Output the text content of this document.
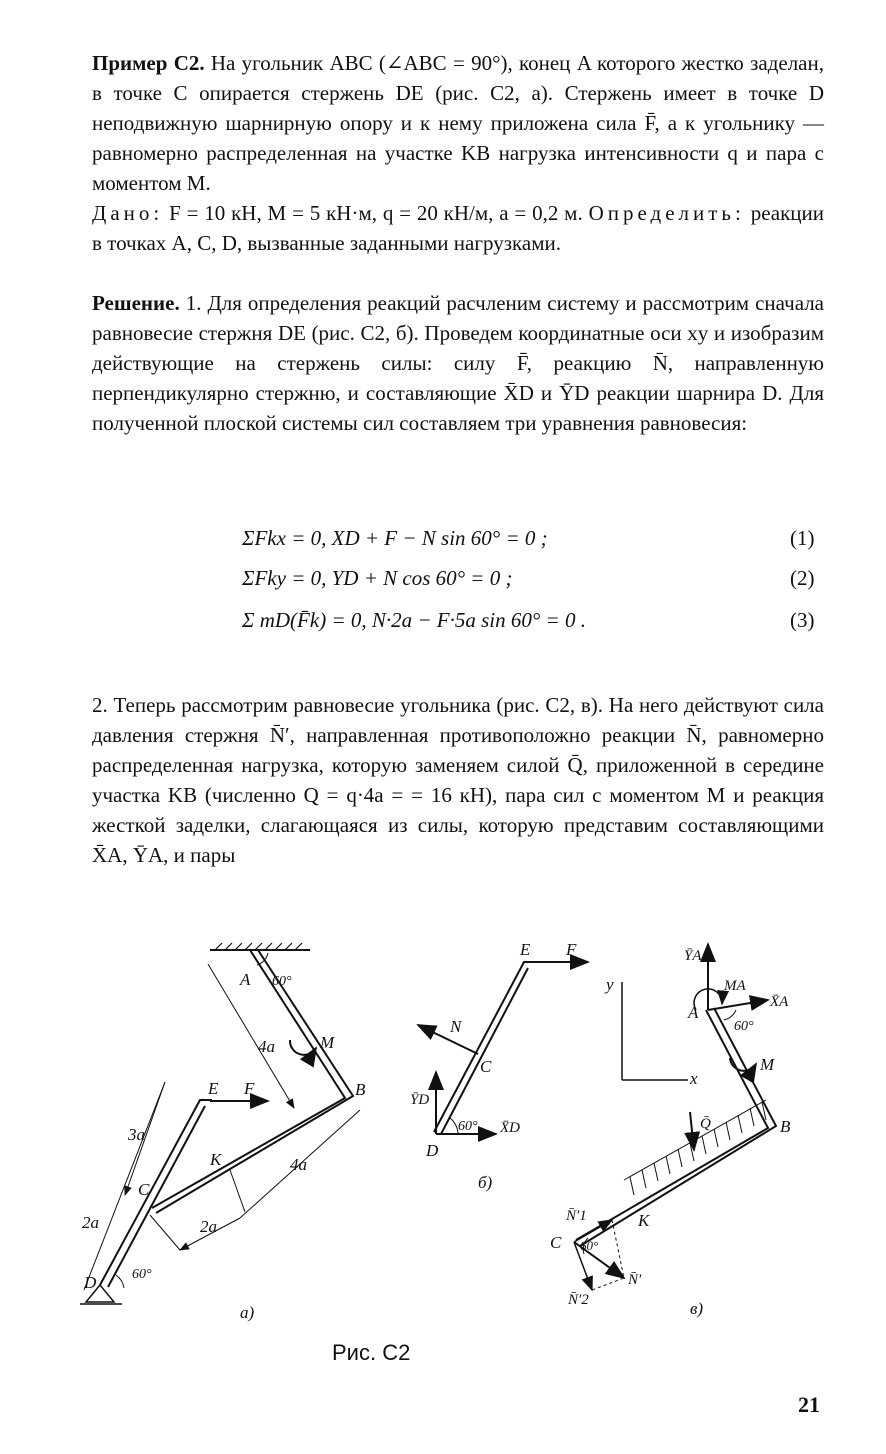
Пример С2. На угольник ABC (∠ABC = 90°), конец A которого жестко заделан, в точке C опирается стержень DE (рис. С2, а). Стержень имеет в точке D неподвижную шарнирную опору и к нему приложена сила F̄, а к угольнику — равномерно распределенная на участке KB нагрузка интенсивности q и пара с моментом M.
Дано: F = 10 кН, M = 5 кН·м, q = 20 кН/м, a = 0,2 м. Определить: реакции в точках A, C, D, вызванные заданными нагрузками.
Решение. 1. Для определения реакций расчленим систему и рассмотрим сначала равновесие стержня DE (рис. С2, б). Проведем координатные оси xy и изобразим действующие на стержень силы: силу F̄, реакцию N̄, направленную перпендикулярно стержню, и составляющие X̄D и ȲD реакции шарнира D. Для полученной плоской системы сил составляем три уравнения равновесия:
ΣFkx = 0, XD + F − N sin 60° = 0 ;	(1)
ΣFky = 0, YD + N cos 60° = 0 ;	(2)
Σ mD(F̄k) = 0, N·2a − F·5a sin 60° = 0 .	(3)
2. Теперь рассмотрим равновесие угольника (рис. С2, в). На него действуют сила давления стержня N̄′, направленная противоположно реакции N̄, равномерно распределенная нагрузка, которую заменяем силой Q̄, приложенной в середине участка KB (численно Q = q·4a = = 16 кН), пара сил с моментом M и реакция жесткой заделки, слагающаяся из силы, которую представим составляющими X̄A, ȲA, и пары
A 60°
4a	M
B
E F
3a
K	4a
C
2a
2a
60°
D
a)
E F
N
C
ȲD
60° X̄D
D
б)
ȲA
MA
X̄A
y
A
60°
M
x
Q̄	B
N̄′1	K
C 60°
N̄′
N̄′2	в)
Рис. С2
21
